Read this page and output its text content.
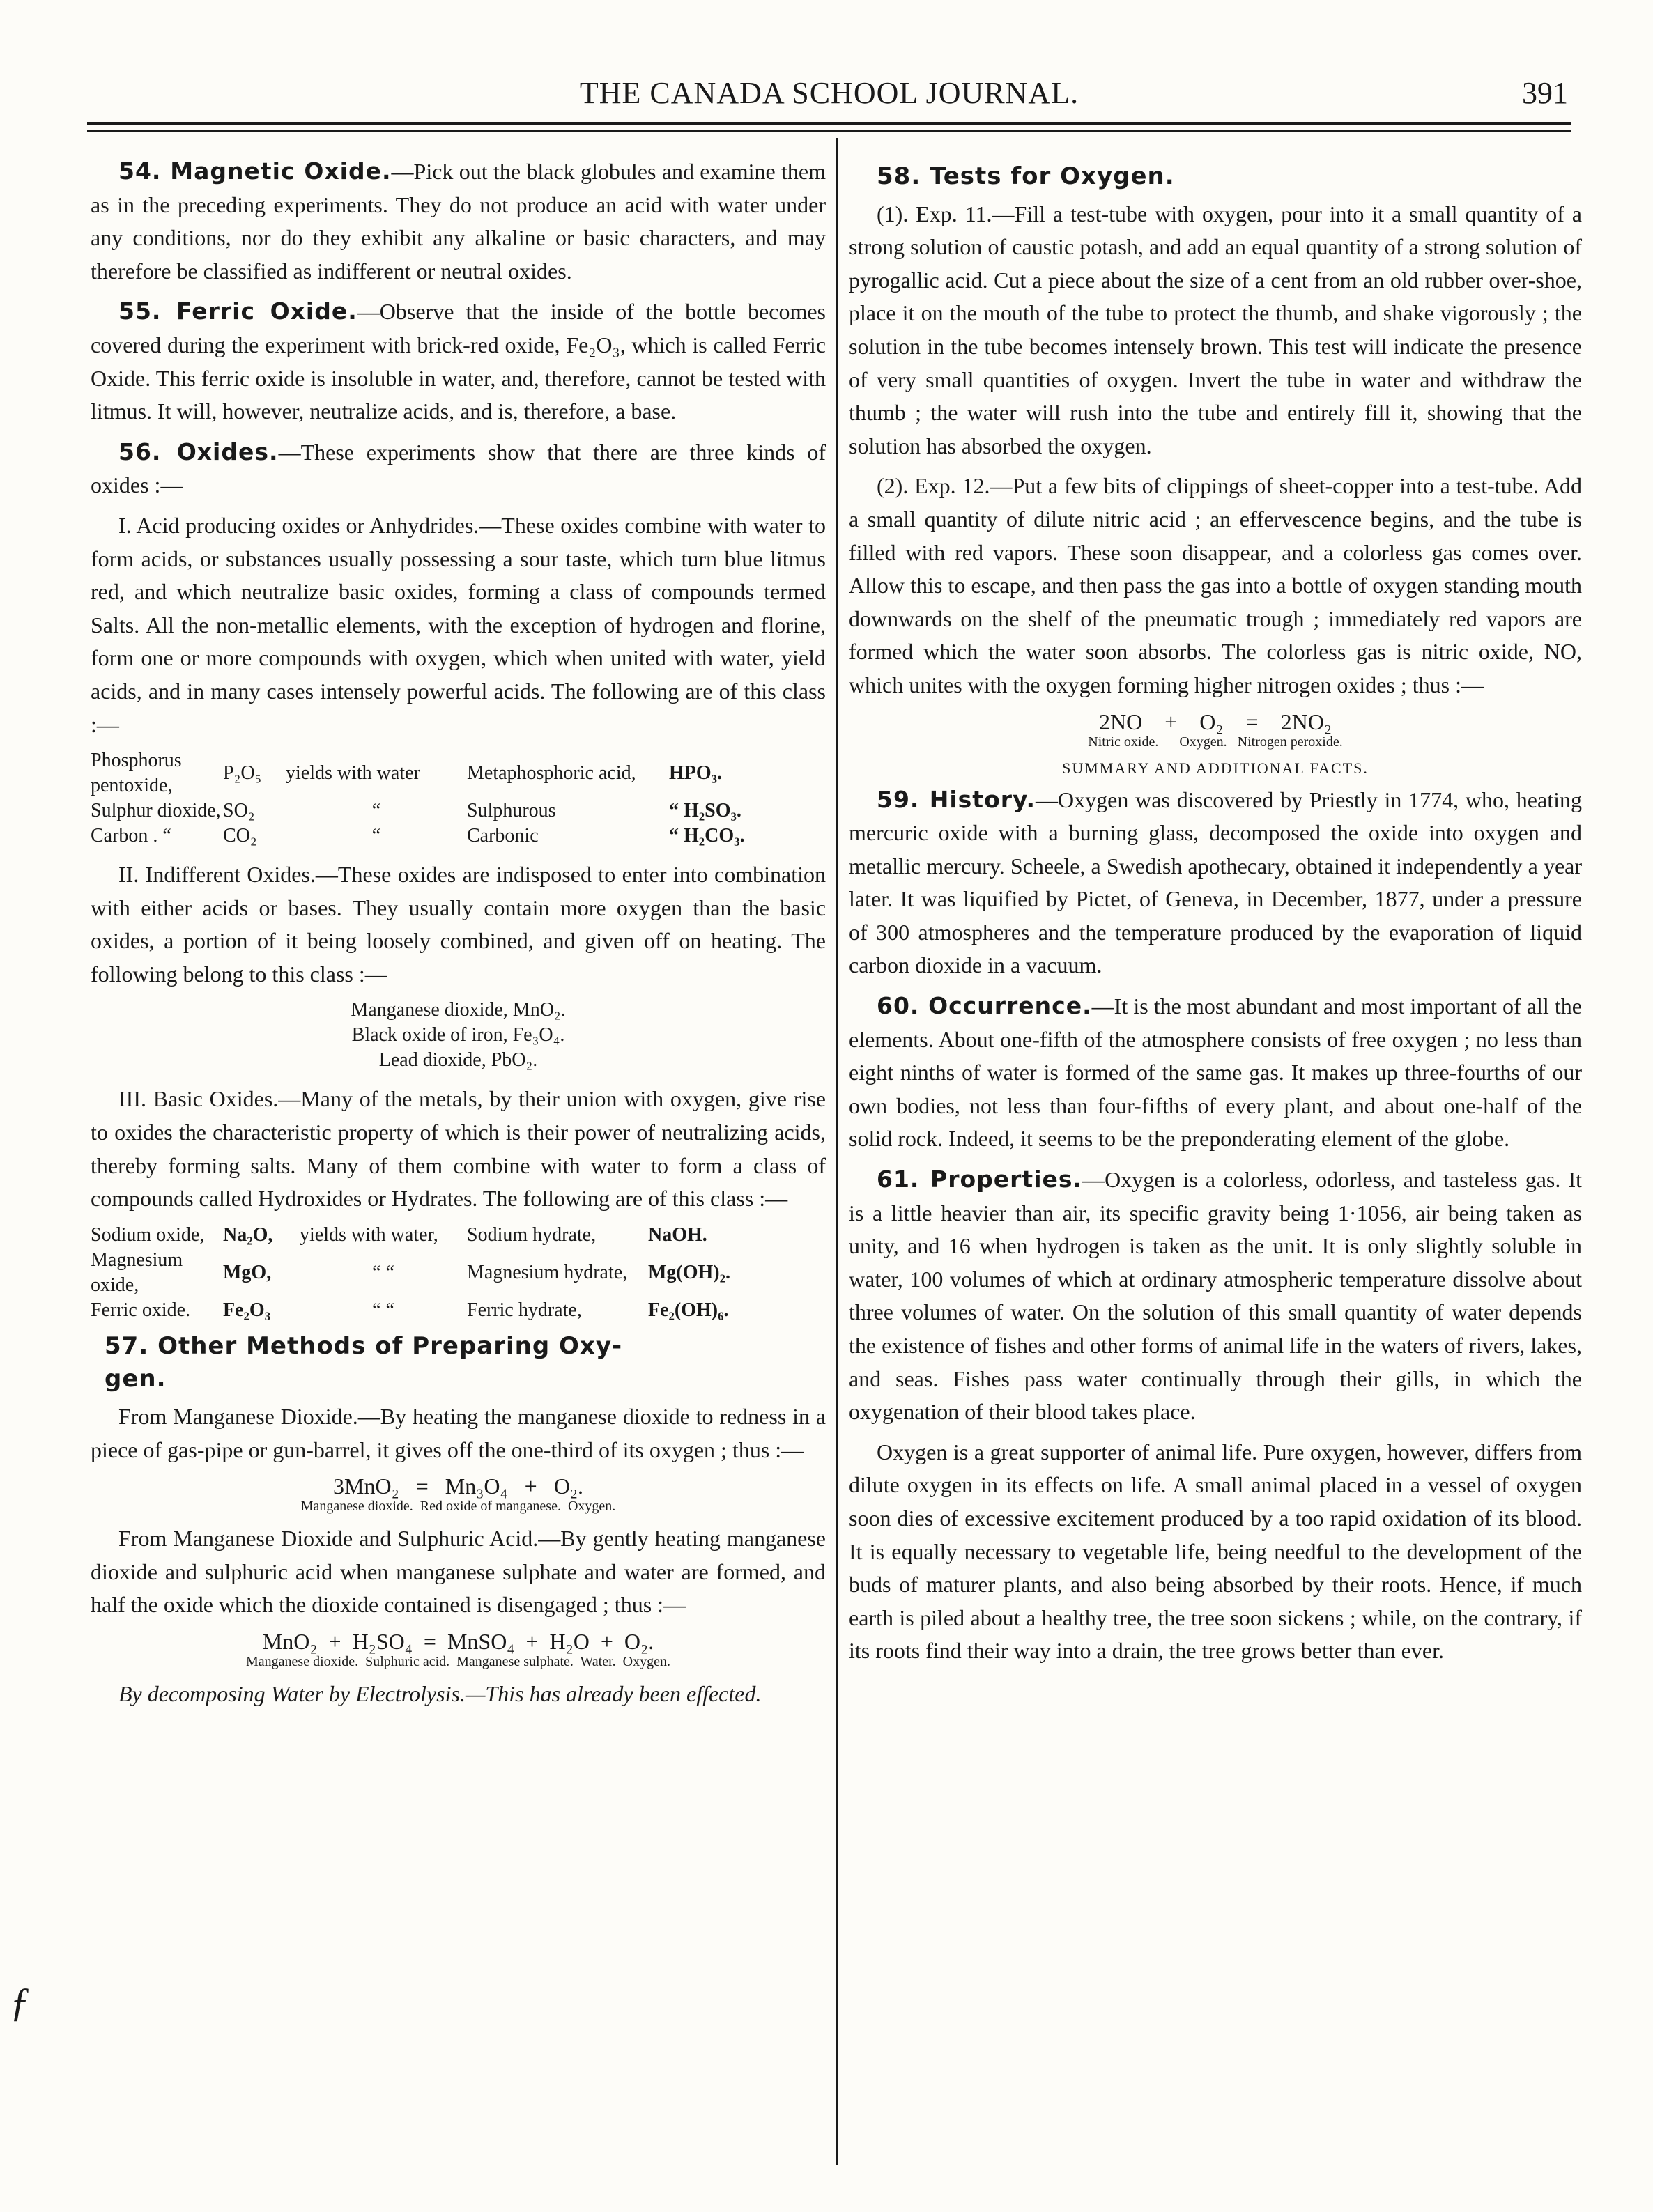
THE CANADA SCHOOL JOURNAL.	391
ƒ

54. Magnetic Oxide.—Pick out the black globules and examine them as in the preceding experiments. They do not produce an acid with water under any conditions, nor do they exhibit any alkaline or basic characters, and may therefore be classified as indifferent or neutral oxides.

55. Ferric Oxide.—Observe that the inside of the bottle becomes covered during the experiment with brick-red oxide, Fe₂O₃, which is called Ferric Oxide. This ferric oxide is insoluble in water, and, therefore, cannot be tested with litmus. It will, however, neutralize acids, and is, therefore, a base.

56. Oxides.—These experiments show that there are three kinds of oxides :—

I. Acid producing oxides or Anhydrides.—These oxides combine with water to form acids, or substances usually possessing a sour taste, which turn blue litmus red, and which neutralize basic oxides, forming a class of compounds termed Salts. All the non-metallic elements, with the exception of hydrogen and florine, form one or more compounds with oxygen, which when united with water, yield acids, and in many cases intensely powerful acids. The following are of this class :—

Phosphorus pentoxide,
P₂O₅	yields with water	Metaphosphoric acid,	HPO₃.
Sulphur dioxide, SO₂	“	Sulphurous	“ H₂SO₃.
Carbon . “	CO₂	“	Carbonic	“ H₂CO₃.

II. Indifferent Oxides.—These oxides are indisposed to enter into combination with either acids or bases. They usually contain more oxygen than the basic oxides, a portion of it being loosely combined, and given off on heating. The following belong to this class :—

Manganese dioxide, MnO₂.
Black oxide of iron, Fe₃O₄.
Lead dioxide, PbO₂.

III. Basic Oxides.—Many of the metals, by their union with oxygen, give rise to oxides the characteristic property of which is their power of neutralizing acids, thereby forming salts. Many of them combine with water to form a class of compounds called Hydroxides or Hydrates. The following are of this class :—

Sodium oxide, Na₂O,	yields with water,	Sodium hydrate,	NaOH.
Magnesium oxide,
MgO,	“ “	Magnesium hydrate,	Mg(OH)₂.
Ferric oxide.	Fe₂O₃	“ “	Ferric hydrate,	Fe₂(OH)₆.
57. Other Methods of Preparing Oxy-
gen.

From Manganese Dioxide.—By heating the manganese dioxide to redness in a piece of gas-pipe or gun-barrel, it gives off the one-third of its oxygen ; thus :—

3MnO₂   =   Mn₃O₄   +   O₂.
Manganese dioxide.  Red oxide of manganese.  Oxygen.

From Manganese Dioxide and Sulphuric Acid.—By gently heating manganese dioxide and sulphuric acid when manganese sulphate and water are formed, and half the oxide which the dioxide contained is disengaged ; thus :—

MnO₂  +  H₂SO₄  =  MnSO₄  +  H₂O  +  O₂.
Manganese dioxide.  Sulphuric acid.  Manganese sulphate.  Water.  Oxygen.

By decomposing Water by Electrolysis.—This has already been effected.

58. Tests for Oxygen.

(1). Exp. 11.—Fill a test-tube with oxygen, pour into it a small quantity of a strong solution of caustic potash, and add an equal quantity of a strong solution of pyrogallic acid. Cut a piece about the size of a cent from an old rubber over-shoe, place it on the mouth of the tube to protect the thumb, and shake vigorously ; the solution in the tube becomes intensely brown. This test will indicate the presence of very small quantities of oxygen. Invert the tube in water and withdraw the thumb ; the water will rush into the tube and entirely fill it, showing that the solution has absorbed the oxygen.

(2). Exp. 12.—Put a few bits of clippings of sheet-copper into a test-tube. Add a small quantity of dilute nitric acid ; an effervescence begins, and the tube is filled with red vapors. These soon disappear, and a colorless gas comes over. Allow this to escape, and then pass the gas into a bottle of oxygen standing mouth downwards on the shelf of the pneumatic trough ; immediately red vapors are formed which the water soon absorbs. The colorless gas is nitric oxide, NO, which unites with the oxygen forming higher nitrogen oxides ; thus :—

2NO    +    O₂    =    2NO₂
Nitric oxide.      Oxygen.   Nitrogen peroxide.
SUMMARY AND ADDITIONAL FACTS.

59. History.—Oxygen was discovered by Priestly in 1774, who, heating mercuric oxide with a burning glass, decomposed the oxide into oxygen and metallic mercury. Scheele, a Swedish apothecary, obtained it independently a year later. It was liquified by Pictet, of Geneva, in December, 1877, under a pressure of 300 atmospheres and the temperature produced by the evaporation of liquid carbon dioxide in a vacuum.

60. Occurrence.—It is the most abundant and most important of all the elements. About one-fifth of the atmosphere consists of free oxygen ; no less than eight ninths of water is formed of the same gas. It makes up three-fourths of our own bodies, not less than four-fifths of every plant, and about one-half of the solid rock. Indeed, it seems to be the preponderating element of the globe.

61. Properties.—Oxygen is a colorless, odorless, and tasteless gas. It is a little heavier than air, its specific gravity being 1·1056, air being taken as unity, and 16 when hydrogen is taken as the unit. It is only slightly soluble in water, 100 volumes of which at ordinary atmospheric temperature dissolve about three volumes of water. On the solution of this small quantity of water depends the existence of fishes and other forms of animal life in the waters of rivers, lakes, and seas. Fishes pass water continually through their gills, in which the oxygenation of their blood takes place.

Oxygen is a great supporter of animal life. Pure oxygen, however, differs from dilute oxygen in its effects on life. A small animal placed in a vessel of oxygen soon dies of excessive excitement produced by a too rapid oxidation of its blood. It is equally necessary to vegetable life, being needful to the development of the buds of maturer plants, and also being absorbed by their roots. Hence, if much earth is piled about a healthy tree, the tree soon sickens ; while, on the contrary, if its roots find their way into a drain, the tree grows better than ever.
